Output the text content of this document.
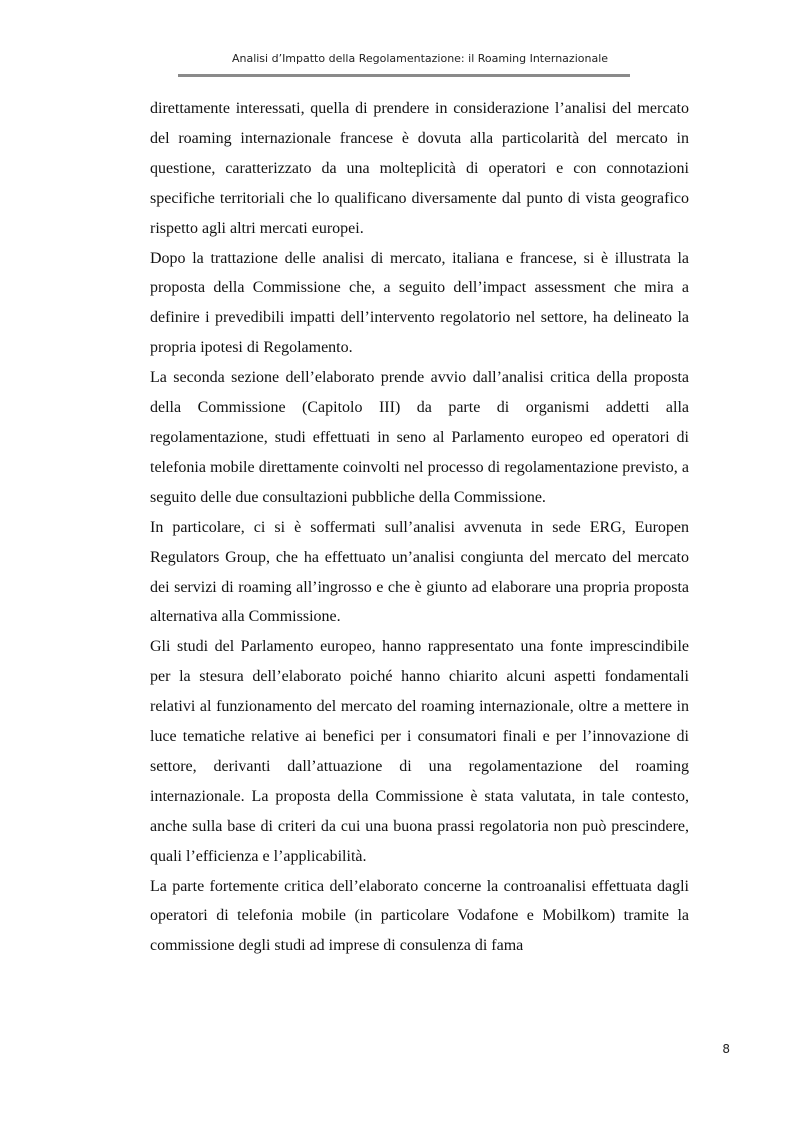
Analisi d’Impatto della Regolamentazione: il Roaming Internazionale

direttamente interessati, quella di prendere in considerazione l’analisi del mercato del roaming internazionale francese è dovuta alla particolarità del mercato in questione, caratterizzato da una molteplicità di operatori e con connotazioni specifiche territoriali che lo qualificano diversamente dal punto di vista geografico rispetto agli altri mercati europei.

Dopo la trattazione delle analisi di mercato, italiana e francese, si è illustrata la proposta della Commissione che, a seguito dell’impact assessment che mira a definire i prevedibili impatti dell’intervento regolatorio nel settore, ha delineato la propria ipotesi di Regolamento.

La seconda sezione dell’elaborato prende avvio dall’analisi critica della proposta della Commissione (Capitolo III) da parte di organismi addetti alla regolamentazione, studi effettuati in seno al Parlamento europeo ed operatori di telefonia mobile direttamente coinvolti nel processo di regolamentazione previsto, a seguito delle due consultazioni pubbliche della Commissione.

In particolare, ci si è soffermati sull’analisi avvenuta in sede ERG, Europen Regulators Group, che ha effettuato un’analisi congiunta del mercato del mercato dei servizi di roaming all’ingrosso e che è giunto ad elaborare una propria proposta alternativa alla Commissione.

Gli studi del Parlamento europeo, hanno rappresentato una fonte imprescindibile per la stesura dell’elaborato poiché hanno chiarito alcuni aspetti fondamentali relativi al funzionamento del mercato del roaming internazionale, oltre a mettere in luce tematiche relative ai benefici per i consumatori finali e per l’innovazione di settore, derivanti dall’attuazione di una regolamentazione del roaming internazionale. La proposta della Commissione è stata valutata, in tale contesto, anche sulla base di criteri da cui una buona prassi regolatoria non può prescindere, quali l’efficienza e l’applicabilità.

La parte fortemente critica dell’elaborato concerne la controanalisi effettuata dagli operatori di telefonia mobile (in particolare Vodafone e Mobilkom) tramite la commissione degli studi ad imprese di consulenza di fama

8
